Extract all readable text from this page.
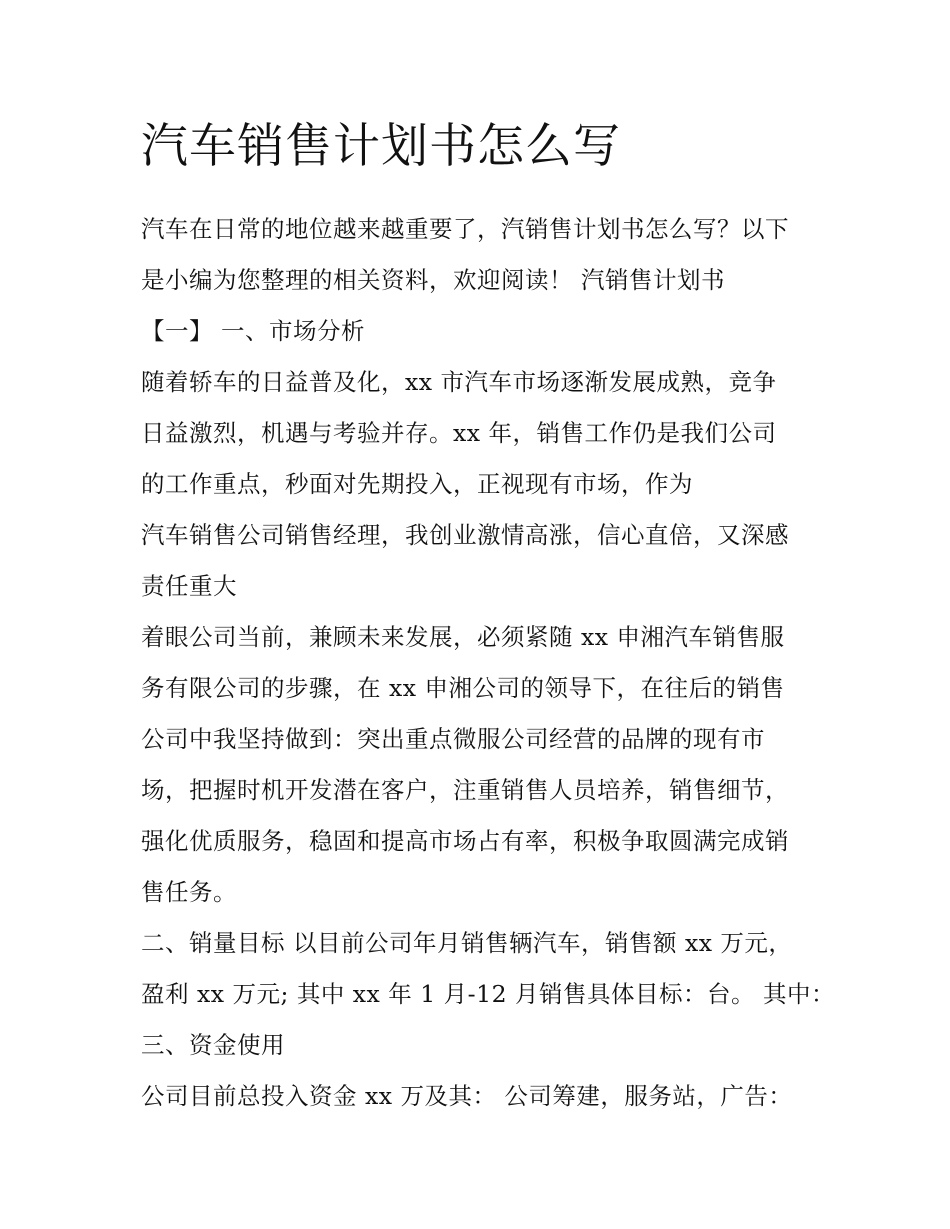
汽车销售计划书怎么写
汽车在日常的地位越来越重要了，汽销售计划书怎么写？以下
是小编为您整理的相关资料，欢迎阅读！ 汽销售计划书
【一】 一、市场分析
随着轿车的日益普及化，xx 市汽车市场逐渐发展成熟，竞争
日益激烈，机遇与考验并存。xx 年，销售工作仍是我们公司
的工作重点，秒面对先期投入，正视现有市场，作为
汽车销售公司销售经理，我创业激情高涨，信心直倍，又深感
责任重大
着眼公司当前，兼顾未来发展，必须紧随 xx 申湘汽车销售服
务有限公司的步骤，在 xx 申湘公司的领导下，在往后的销售
公司中我坚持做到：突出重点微服公司经营的品牌的现有市
场，把握时机开发潜在客户，注重销售人员培养，销售细节，
强化优质服务，稳固和提高市场占有率，积极争取圆满完成销
售任务。
二、销量目标 以目前公司年月销售辆汽车，销售额 xx 万元，
盈利 xx 万元; 其中 xx 年 1 月-12 月销售具体目标：台。 其中：
三、资金使用
公司目前总投入资金 xx 万及其： 公司筹建，服务站，广告：
